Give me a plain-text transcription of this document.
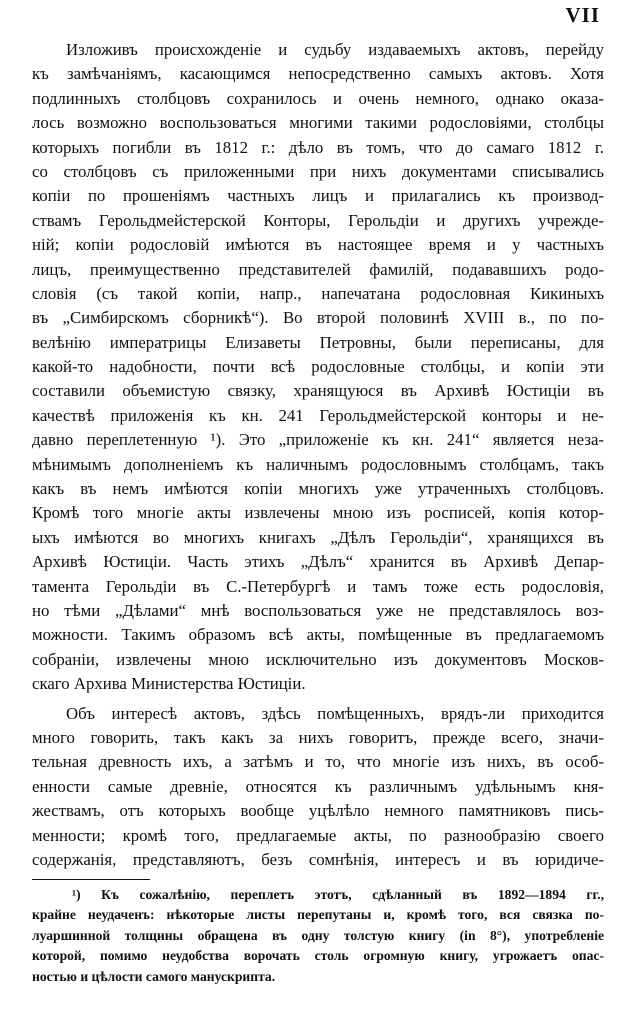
VII
Изложивъ происхожденіе и судьбу издаваемыхъ актовъ, перейду
къ замѣчаніямъ, касающимся непосредственно самыхъ актовъ. Хотя
подлинныхъ столбцовъ сохранилось и очень немного, однако оказа-
лось возможно воспользоваться многими такими родословіями, столбцы
которыхъ погибли въ 1812 г.: дѣло въ томъ, что до самаго 1812 г.
со столбцовъ съ приложенными при нихъ документами списывались
копіи по прошеніямъ частныхъ лицъ и прилагались къ производ-
ствамъ Герольдмейстерской Конторы, Герольдіи и другихъ учрежде-
ній; копіи родословій имѣются въ настоящее время и у частныхъ
лицъ, преимущественно представителей фамилій, подававшихъ родо-
словія (съ такой копіи, напр., напечатана родословная Кикиныхъ
въ „Симбирскомъ сборникѣ“). Во второй половинѣ XVIII в., по по-
велѣнію императрицы Елизаветы Петровны, были переписаны, для
какой-то надобности, почти всѣ родословные столбцы, и копіи эти
составили объемистую связку, хранящуюся въ Архивѣ Юстиціи въ
качествѣ приложенія къ кн. 241 Герольдмейстерской конторы и не-
давно переплетенную ¹). Это „приложеніе къ кн. 241“ является неза-
мѣнимымъ дополненіемъ къ наличнымъ родословнымъ столбцамъ, такъ
какъ въ немъ имѣются копіи многихъ уже утраченныхъ столбцовъ.
Кромѣ того многіе акты извлечены мною изъ росписей, копія котор-
ыхъ имѣются во многихъ книгахъ „Дѣлъ Герольдіи“, хранящихся въ
Архивѣ Юстиціи. Часть этихъ „Дѣлъ“ хранится въ Архивѣ Депар-
тамента Герольдіи въ С.-Петербургѣ и тамъ тоже есть родословія,
но тѣми „Дѣлами“ мнѣ воспользоваться уже не представлялось воз-
можности. Такимъ образомъ всѣ акты, помѣщенные въ предлагаемомъ
собраніи, извлечены мною исключительно изъ документовъ Москов-
скаго Архива Министерства Юстиціи.
Объ интересѣ актовъ, здѣсь помѣщенныхъ, врядъ-ли приходится
много говорить, такъ какъ за нихъ говоритъ, прежде всего, значи-
тельная древность ихъ, а затѣмъ и то, что многіе изъ нихъ, въ особ-
енности самые древніе, относятся къ различнымъ удѣльнымъ кня-
жествамъ, отъ которыхъ вообще уцѣлѣло немного памятниковъ пись-
менности; кромѣ того, предлагаемые акты, по разнообразію своего
содержанія, представляютъ, безъ сомнѣнія, интересъ и въ юридиче-
¹) Къ сожалѣнію, переплетъ этотъ, сдѣланный въ 1892—1894 гг.,
крайне неудаченъ: нѣкоторые листы перепутаны и, кромѣ того, вся связка по-
луаршинной толщины обращена въ одну толстую книгу (in 8°), употребленіе
которой, помимо неудобства ворочать столь огромную книгу, угрожаетъ опас-
ностью и цѣлости самого манускрипта.
